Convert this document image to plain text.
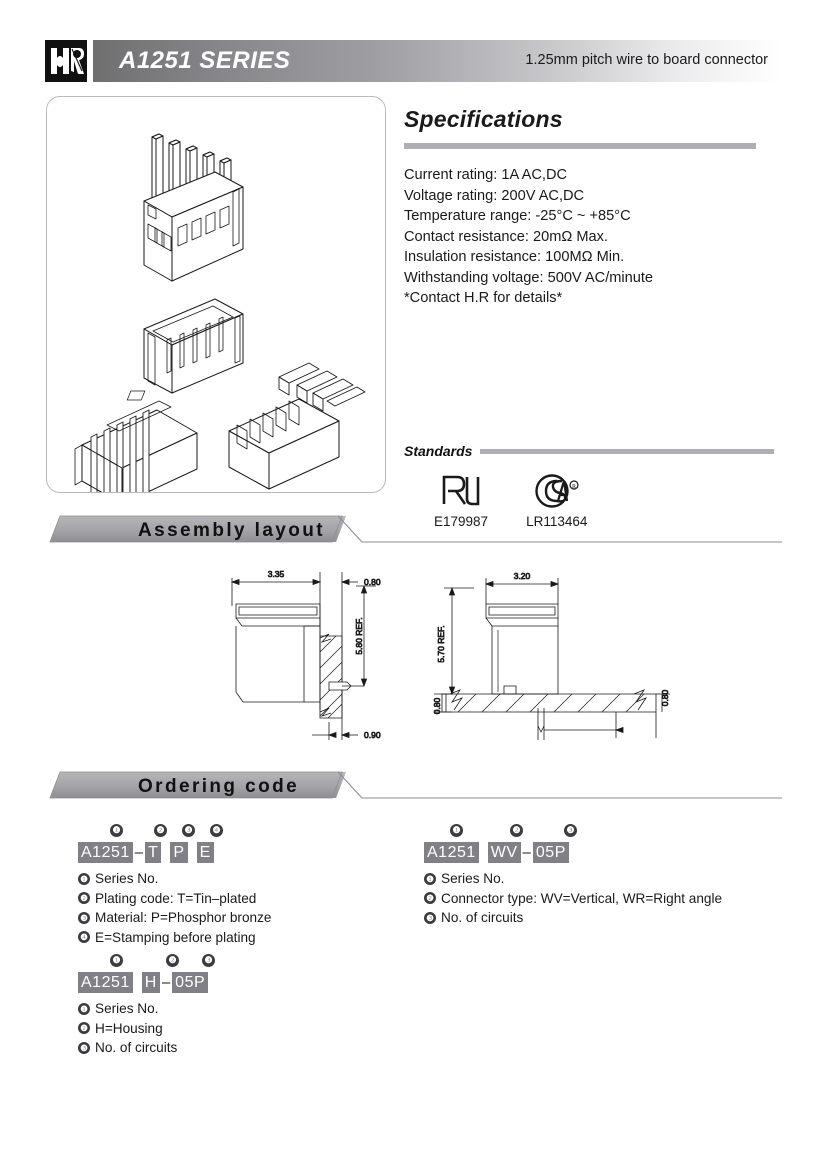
A1251 SERIES	1.25mm pitch wire to board connector
Specifications
Current rating: 1A AC,DC
Voltage rating: 200V AC,DC
Temperature range: -25°C ~ +85°C
Contact resistance: 20mΩ Max.
Insulation resistance: 100MΩ Min.
Withstanding voltage: 500V AC/minute
*Contact H.R for details*
Standards
E179987
R
LR113464
Assembly layout
3.35
0.80
5.80 REF.
0.90
3.20
5.70 REF.
0.80	0.80
Ordering code
❶	❷ ❸ ❹
A1251 – T P E
❶ Series No.
❷ Plating code: T=Tin–plated
❸ Material: P=Phosphor bronze
❹ E=Stamping before plating
❶	❷	❸
A1251 WV – 05P
❶ Series No.
❷ Connector type: WV=Vertical, WR=Right angle
❸ No. of circuits
❶	❷	❸
A1251 H – 05P
❶ Series No.
❷ H=Housing
❸ No. of circuits
